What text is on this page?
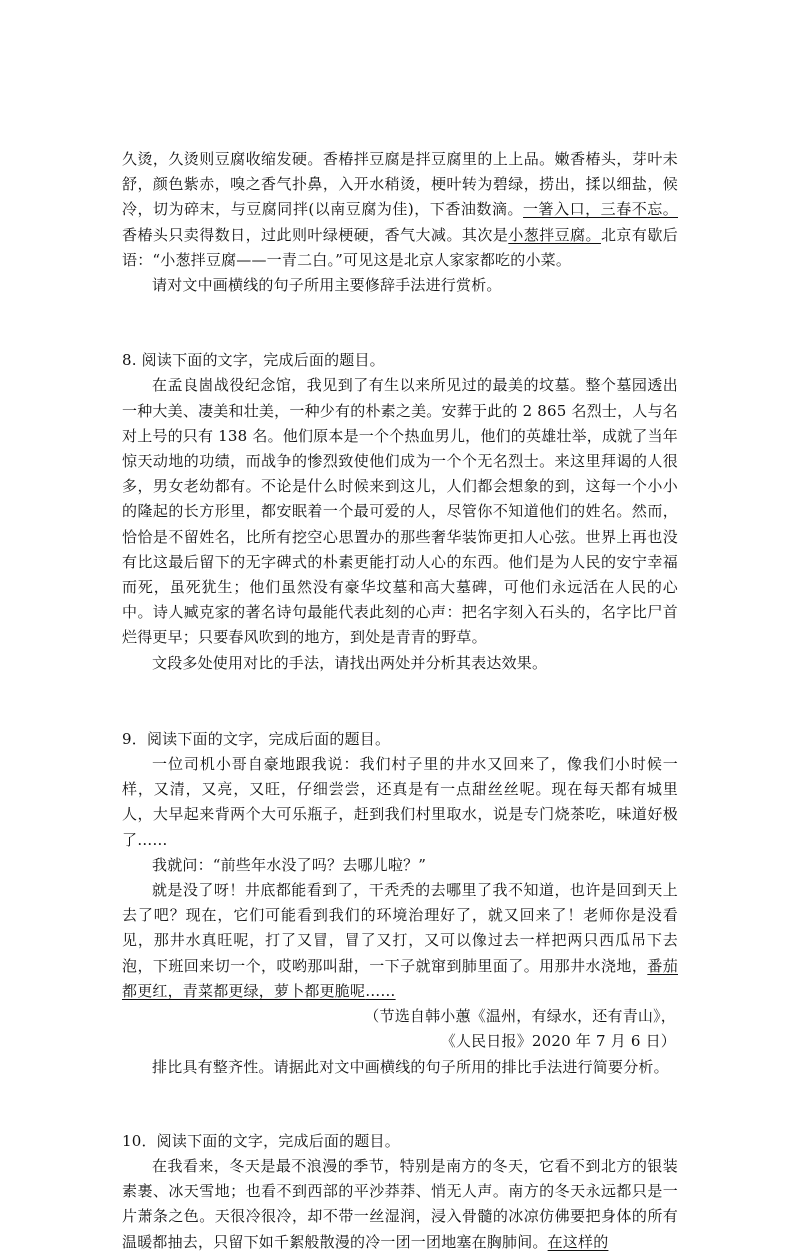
久烫，久烫则豆腐收缩发硬。香椿拌豆腐是拌豆腐里的上上品。嫩香椿头，芽叶未舒，颜色紫赤，嗅之香气扑鼻，入开水稍烫，梗叶转为碧绿，捞出，揉以细盐，候冷，切为碎末，与豆腐同拌(以南豆腐为佳)，下香油数滴。一箸入口，三春不忘。香椿头只卖得数日，过此则叶绿梗硬，香气大减。其次是小葱拌豆腐。北京有歇后语：“小葱拌豆腐——一青二白。”可见这是北京人家家都吃的小菜。

请对文中画横线的句子所用主要修辞手法进行赏析。

8. 阅读下面的文字，完成后面的题目。

在孟良崮战役纪念馆，我见到了有生以来所见过的最美的坟墓。整个墓园透出一种大美、凄美和壮美，一种少有的朴素之美。安葬于此的 2 865 名烈士，人与名对上号的只有 138 名。他们原本是一个个热血男儿，他们的英雄壮举，成就了当年惊天动地的功绩，而战争的惨烈致使他们成为一个个无名烈士。来这里拜谒的人很多，男女老幼都有。不论是什么时候来到这儿，人们都会想象的到，这每一个小小的隆起的长方形里，都安眠着一个最可爱的人，尽管你不知道他们的姓名。然而，恰恰是不留姓名，比所有挖空心思置办的那些奢华装饰更扣人心弦。世界上再也没有比这最后留下的无字碑式的朴素更能打动人心的东西。他们是为人民的安宁幸福而死，虽死犹生；他们虽然没有豪华坟墓和高大墓碑，可他们永远活在人民的心中。诗人臧克家的著名诗句最能代表此刻的心声：把名字刻入石头的，名字比尸首烂得更早；只要春风吹到的地方，到处是青青的野草。

文段多处使用对比的手法，请找出两处并分析其表达效果。

9．阅读下面的文字，完成后面的题目。

一位司机小哥自豪地跟我说：我们村子里的井水又回来了，像我们小时候一样，又清，又亮，又旺，仔细尝尝，还真是有一点甜丝丝呢。现在每天都有城里人，大早起来背两个大可乐瓶子，赶到我们村里取水，说是专门烧茶吃，味道好极了……

我就问：“前些年水没了吗？去哪儿啦？”

就是没了呀！井底都能看到了，干秃秃的去哪里了我不知道，也许是回到天上去了吧？现在，它们可能看到我们的环境治理好了，就又回来了！老师你是没看见，那井水真旺呢，打了又冒，冒了又打，又可以像过去一样把两只西瓜吊下去泡，下班回来切一个，哎哟那叫甜，一下子就窜到肺里面了。用那井水浇地，番茄都更红，青菜都更绿，萝卜都更脆呢……

（节选自韩小蕙《温州，有绿水，还有青山》，
《人民日报》2020 年 7 月 6 日）

排比具有整齐性。请据此对文中画横线的句子所用的排比手法进行简要分析。

10．阅读下面的文字，完成后面的题目。

在我看来，冬天是最不浪漫的季节，特别是南方的冬天，它看不到北方的银装素裹、冰天雪地；也看不到西部的平沙莽莽、悄无人声。南方的冬天永远都只是一片萧条之色。天很冷很冷，却不带一丝湿润，浸入骨髓的冰凉仿佛要把身体的所有温暖都抽去，只留下如千絮般散漫的冷一团一团地塞在胸肺间。在这样的
